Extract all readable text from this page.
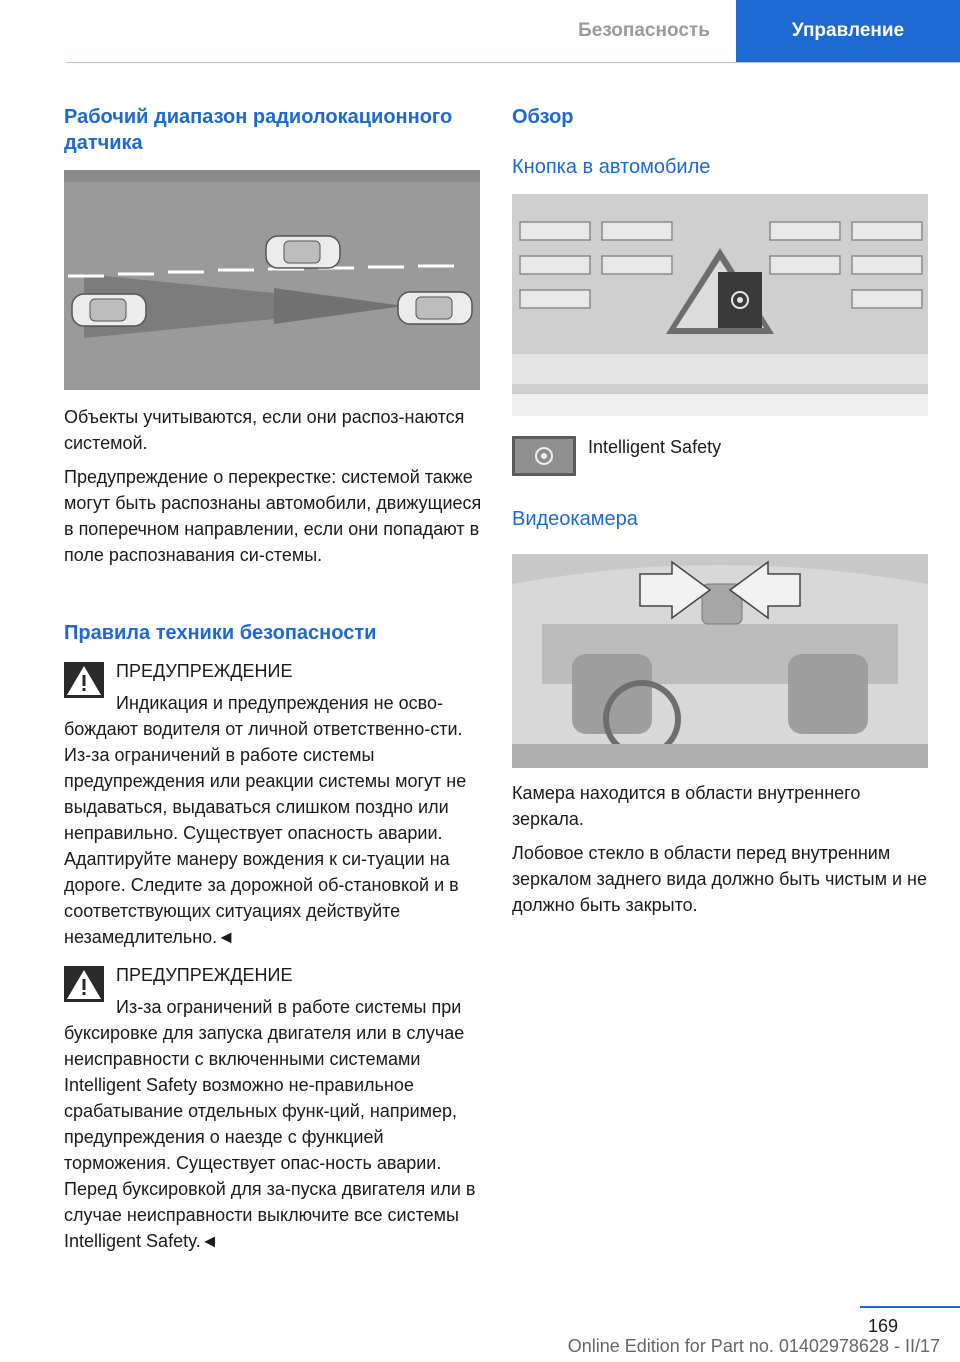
Безопасность	Управление
Рабочий диапазон радиолокационного датчика

Объекты учитываются, если они распоз-наются системой.

Предупреждение о перекрестке: системой также могут быть распознаны автомобили, движущиеся в поперечном направлении, если они попадают в поле распознавания си-стемы.

Правила техники безопасности
ПРЕДУПРЕЖДЕНИЕ

Индикация и предупреждения не осво-бождают водителя от личной ответственно-сти. Из-за ограничений в работе системы предупреждения или реакции системы могут не выдаваться, выдаваться слишком поздно или неправильно. Существует опасность аварии. Адаптируйте манеру вождения к си-туации на дороге. Следите за дорожной об-становкой и в соответствующих ситуациях действуйте незамедлительно.◄

ПРЕДУПРЕЖДЕНИЕ

Из-за ограничений в работе системы при буксировке для запуска двигателя или в случае неисправности с включенными системами Intelligent Safety возможно не-правильное срабатывание отдельных функ-ций, например, предупреждения о наезде с функцией торможения. Существует опас-ность аварии. Перед буксировкой для за-пуска двигателя или в случае неисправности выключите все системы Intelligent Safety.◄

Обзор
Кнопка в автомобиле

Intelligent Safety

Видеокамера

Камера находится в области внутреннего зеркала.

Лобовое стекло в области перед внутренним зеркалом заднего вида должно быть чистым и не должно быть закрыто.

169
Online Edition for Part no. 01402978628 - II/17
